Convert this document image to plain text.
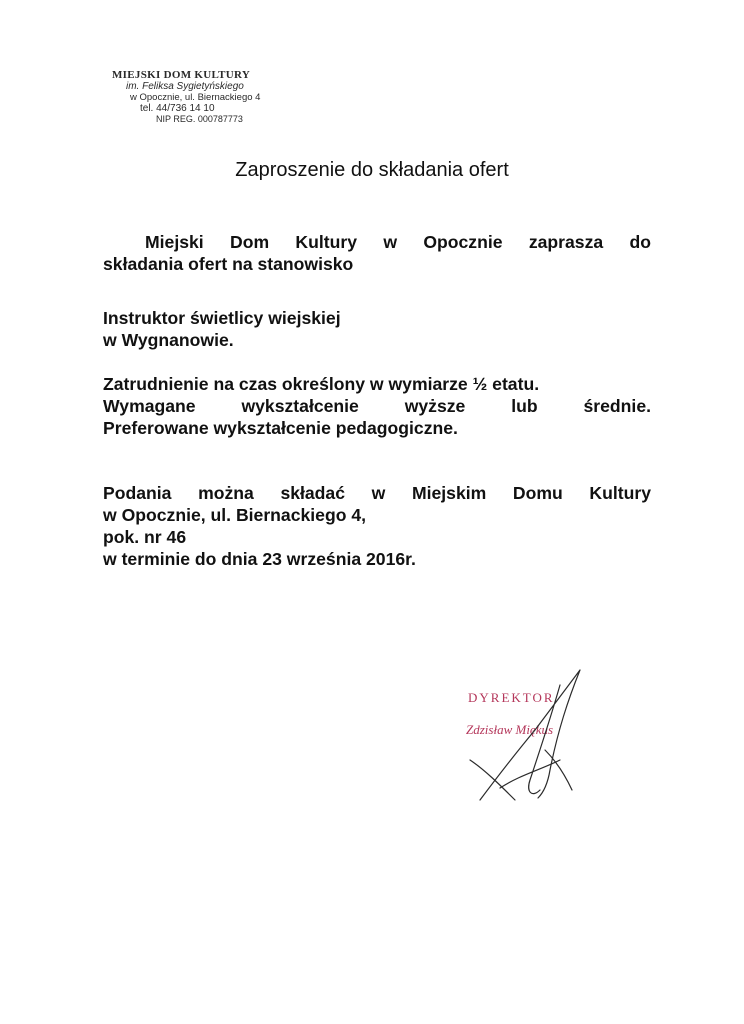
MIEJSKI DOM KULTURY
im. Feliksa Sygietyńskiego
w Opocznie, ul. Biernackiego 4
tel. 44/736 14 10
NIP REG. 000787773
Zaproszenie do składania ofert
Miejski Dom Kultury w Opocznie zaprasza do
składania ofert na stanowisko
Instruktor świetlicy wiejskiej
w Wygnanowie.
Zatrudnienie na czas określony w wymiarze ½ etatu.
Wymagane wykształcenie wyższe lub średnie.
Preferowane wykształcenie pedagogiczne.
Podania można składać w Miejskim Domu Kultury
w Opocznie, ul. Biernackiego 4,
pok. nr 46
w terminie do dnia 23 września 2016r.
DYREKTOR
Zdzisław Miękus
